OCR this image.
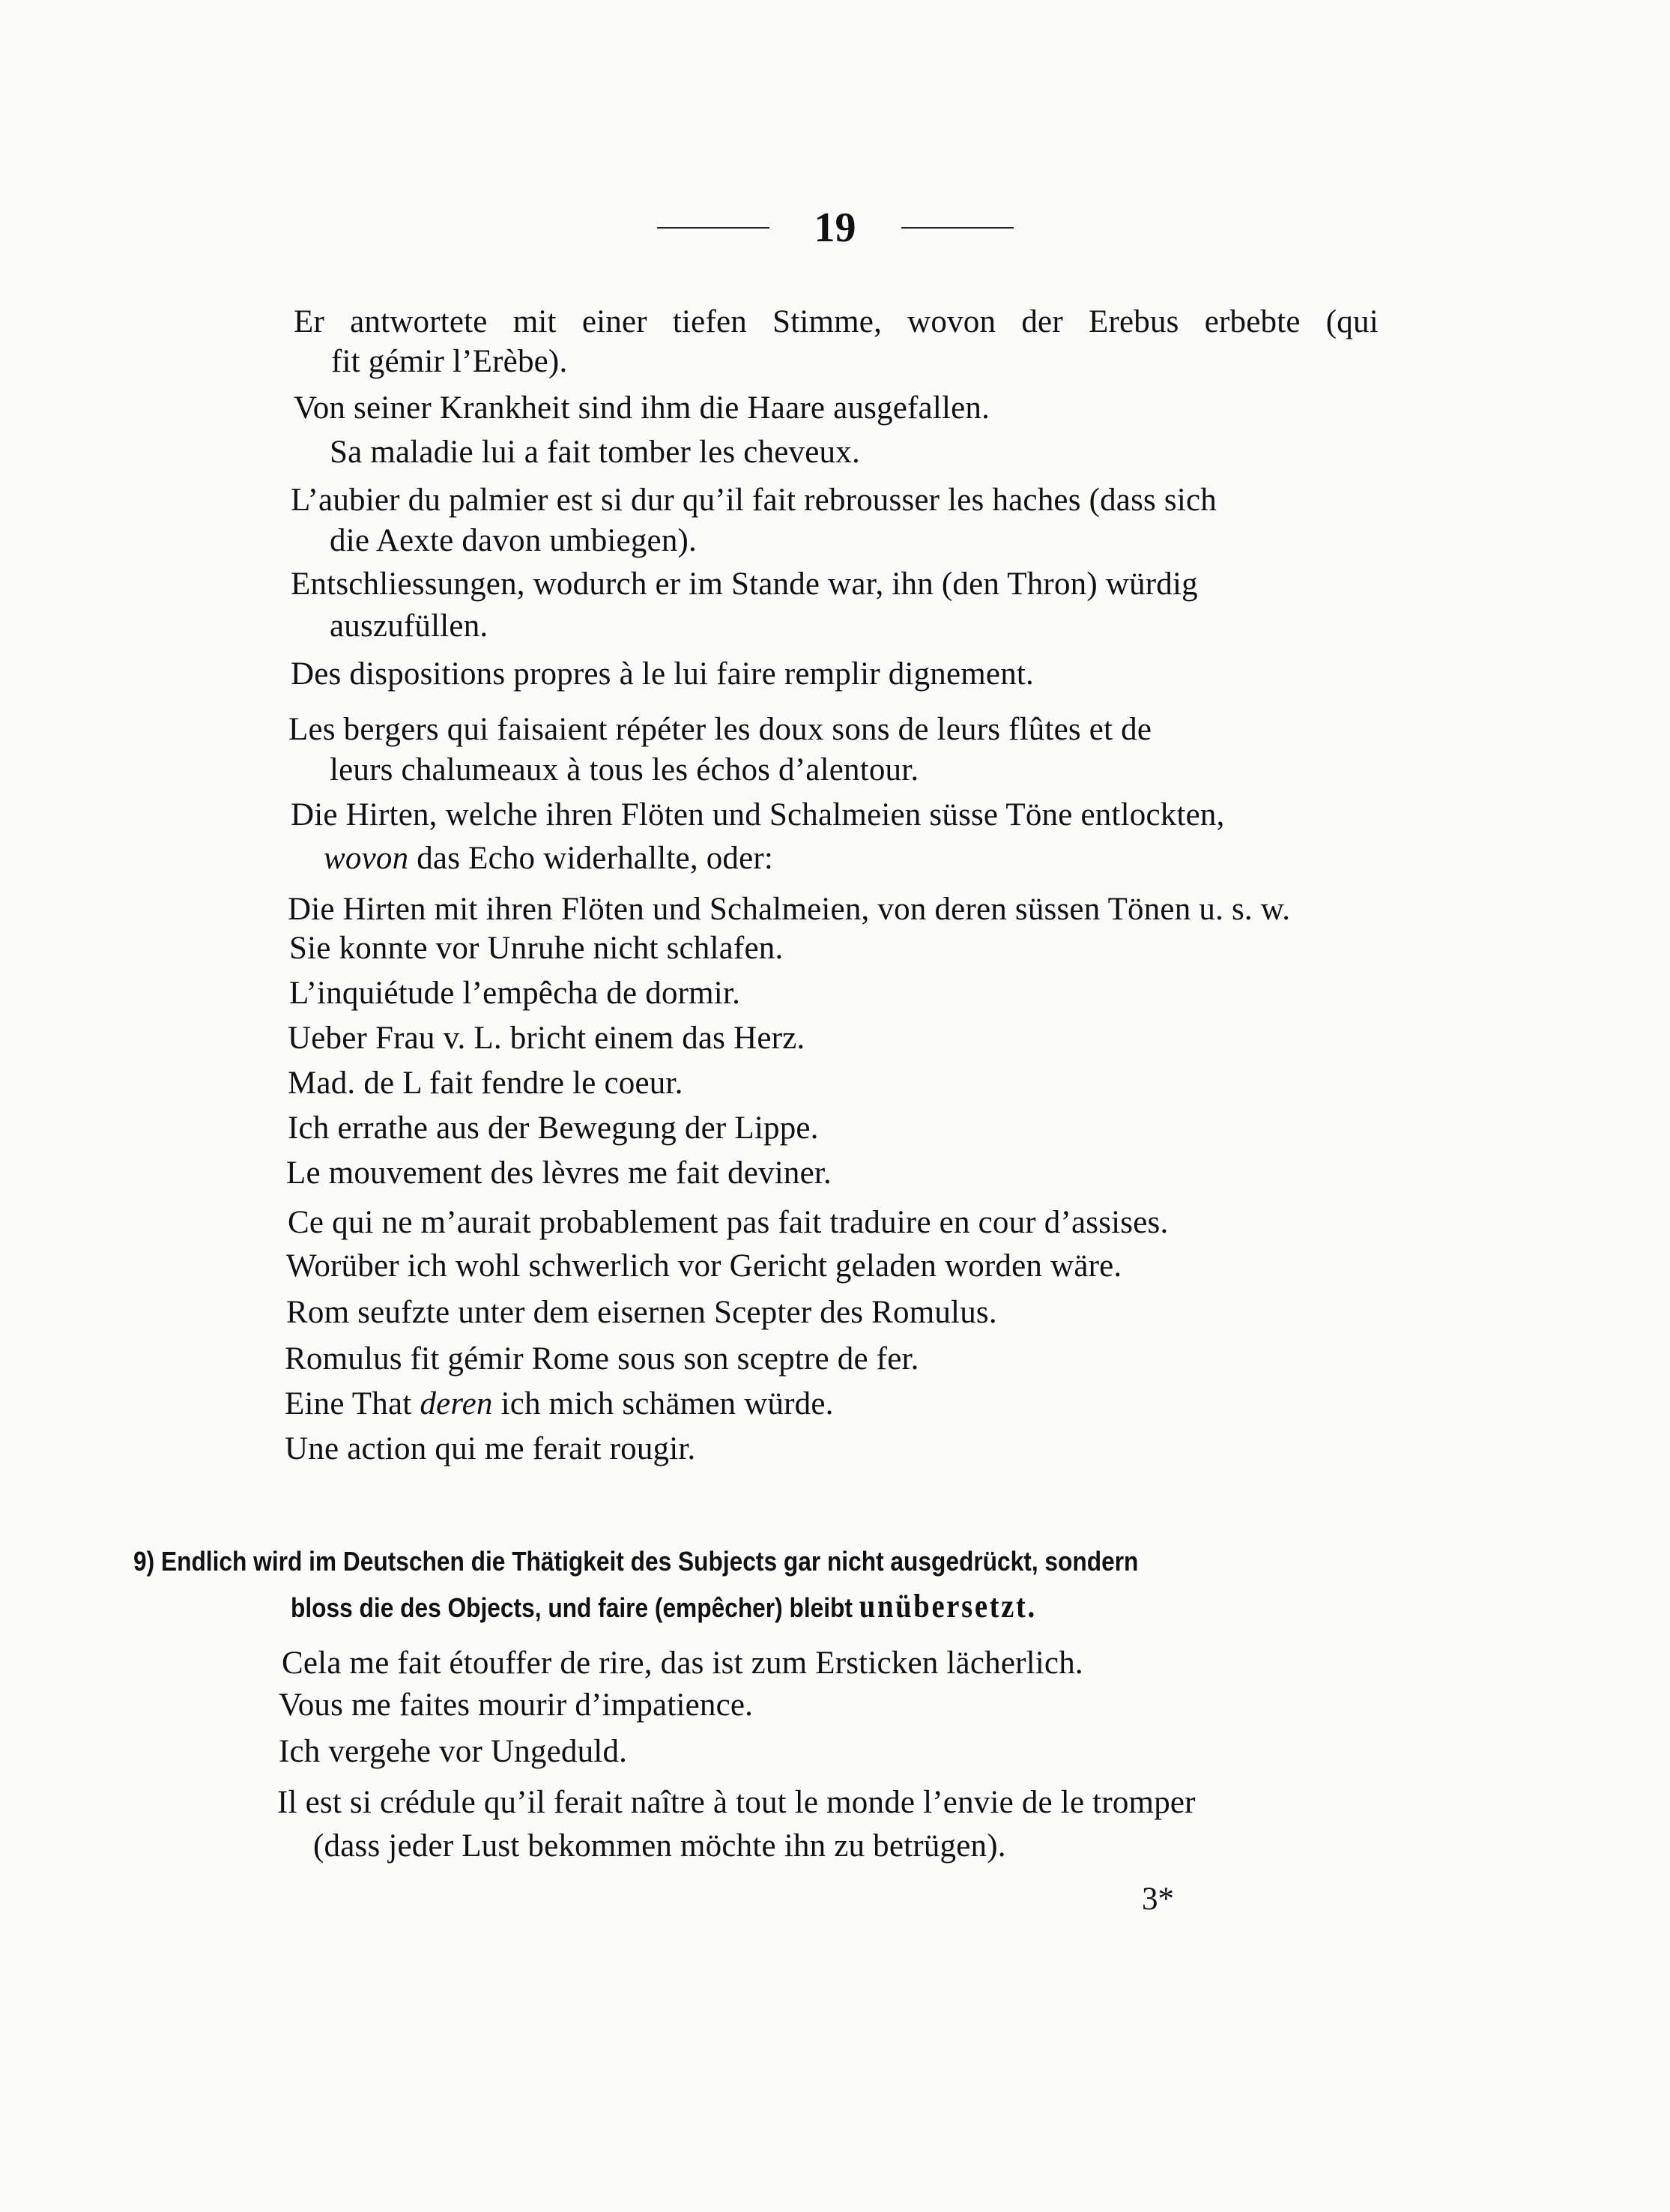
19
Er antwortete mit einer tiefen Stimme, wovon der Erebus erbebte (qui
fit gémir l’Erèbe).
Von seiner Krankheit sind ihm die Haare ausgefallen.
Sa maladie lui a fait tomber les cheveux.
L’aubier du palmier est si dur qu’il fait rebrousser les haches (dass sich
die Aexte davon umbiegen).
Entschliessungen, wodurch er im Stande war, ihn (den Thron) würdig
auszufüllen.
Des dispositions propres à le lui faire remplir dignement.
Les bergers qui faisaient répéter les doux sons de leurs flûtes et de
leurs chalumeaux à tous les échos d’alentour.
Die Hirten, welche ihren Flöten und Schalmeien süsse Töne entlockten,
wovon das Echo widerhallte, oder:
Die Hirten mit ihren Flöten und Schalmeien, von deren süssen Tönen u. s. w.
Sie konnte vor Unruhe nicht schlafen.
L’inquiétude l’empêcha de dormir.
Ueber Frau v. L. bricht einem das Herz.
Mad. de L fait fendre le coeur.
Ich errathe aus der Bewegung der Lippe.
Le mouvement des lèvres me fait deviner.
Ce qui ne m’aurait probablement pas fait traduire en cour d’assises.
Worüber ich wohl schwerlich vor Gericht geladen worden wäre.
Rom seufzte unter dem eisernen Scepter des Romulus.
Romulus fit gémir Rome sous son sceptre de fer.
Eine That deren ich mich schämen würde.
Une action qui me ferait rougir.
9) Endlich wird im Deutschen die Thätigkeit des Subjects gar nicht ausgedrückt, sondern
bloss die des Objects, und faire (empêcher) bleibt unübersetzt.
Cela me fait étouffer de rire, das ist zum Ersticken lächerlich.
Vous me faites mourir d’impatience.
Ich vergehe vor Ungeduld.
Il est si crédule qu’il ferait naître à tout le monde l’envie de le tromper
(dass jeder Lust bekommen möchte ihn zu betrügen).
3*
